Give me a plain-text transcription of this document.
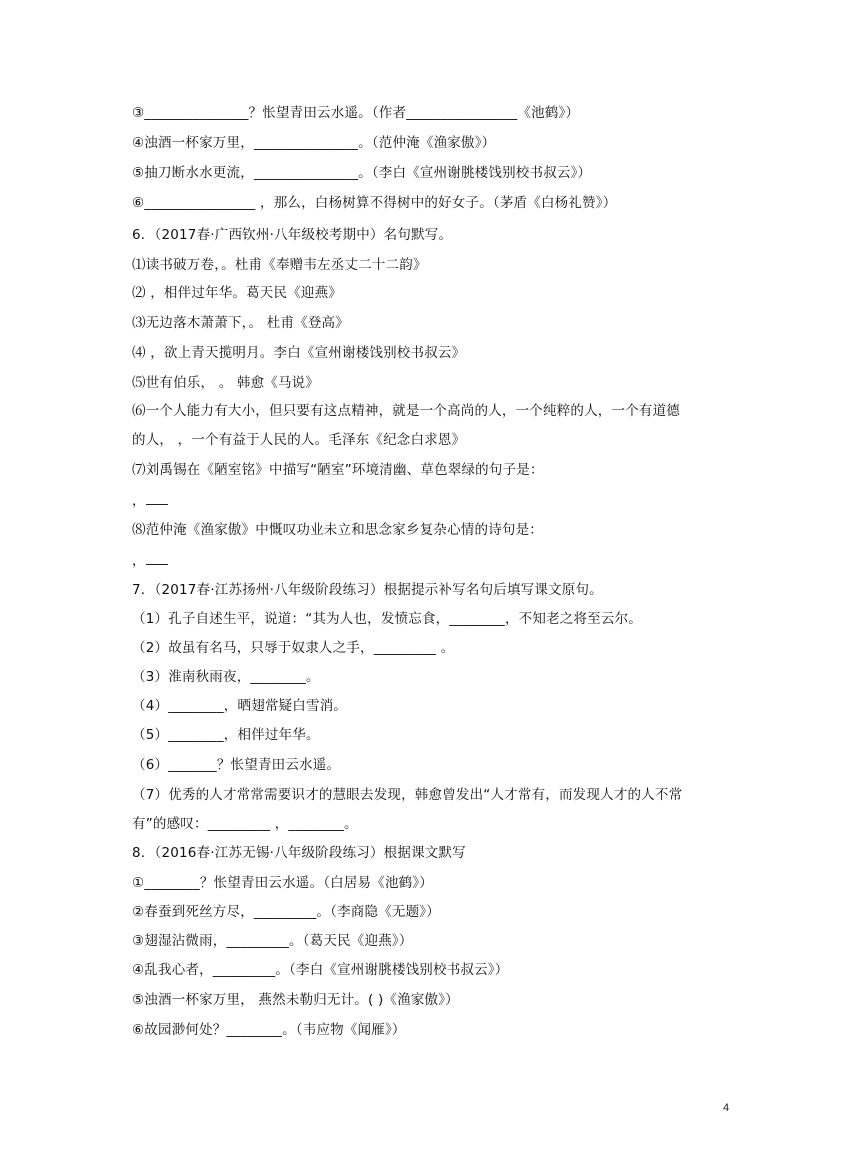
③_______________？怅望青田云水遥。（作者________________《池鹤》）
④浊酒一杯家万里，_______________。（范仲淹《渔家傲》）
⑤抽刀断水水更流，_______________。（李白《宣州谢朓楼饯别校书叔云》）
⑥________________ ，那么，白杨树算不得树中的好女子。（茅盾《白杨礼赞》）
6．（2017春·广西钦州·八年级校考期中）名句默写。
⑴读书破万卷，。杜甫《奉赠韦左丞丈二十二韵》
⑵ ，相伴过年华。葛天民《迎燕》
⑶无边落木萧萧下，。 杜甫《登高》
⑷ ，欲上青天揽明月。李白《宣州谢楼饯别校书叔云》
⑸世有伯乐， 。 韩愈《马说》
⑹一个人能力有大小，但只要有这点精神，就是一个高尚的人，一个纯粹的人，一个有道德
的人， ，一个有益于人民的人。毛泽东《纪念白求恩》
⑺刘禹锡在《陋室铭》中描写“陋室”环境清幽、草色翠绿的句子是：
，
⑻范仲淹《渔家傲》中慨叹功业未立和思念家乡复杂心情的诗句是：
，
7．（2017春·江苏扬州·八年级阶段练习）根据提示补写名句后填写课文原句。
（1）孔子自述生平，说道：“其为人也，发愤忘食，________，不知老之将至云尔。
（2）故虽有名马，只辱于奴隶人之手，_________ 。
（3）淮南秋雨夜，________。
（4）________，晒翅常疑白雪消。
（5）________，相伴过年华。
（6）_______？怅望青田云水遥。
（7）优秀的人才常常需要识才的慧眼去发现，韩愈曾发出“人才常有，而发现人才的人不常
有”的感叹：_________ ，________。
8．（2016春·江苏无锡·八年级阶段练习）根据课文默写
①________？怅望青田云水遥。（白居易《池鹤》）
②春蚕到死丝方尽，_________。（李商隐《无题》）
③翅湿沾微雨，_________。（葛天民《迎燕》）
④乱我心者，_________。（李白《宣州谢朓楼饯别校书叔云》）
⑤浊酒一杯家万里， 燕然未勒归无计。( )《渔家傲》）
⑥故园渺何处？________。（韦应物《闻雁》）
4
